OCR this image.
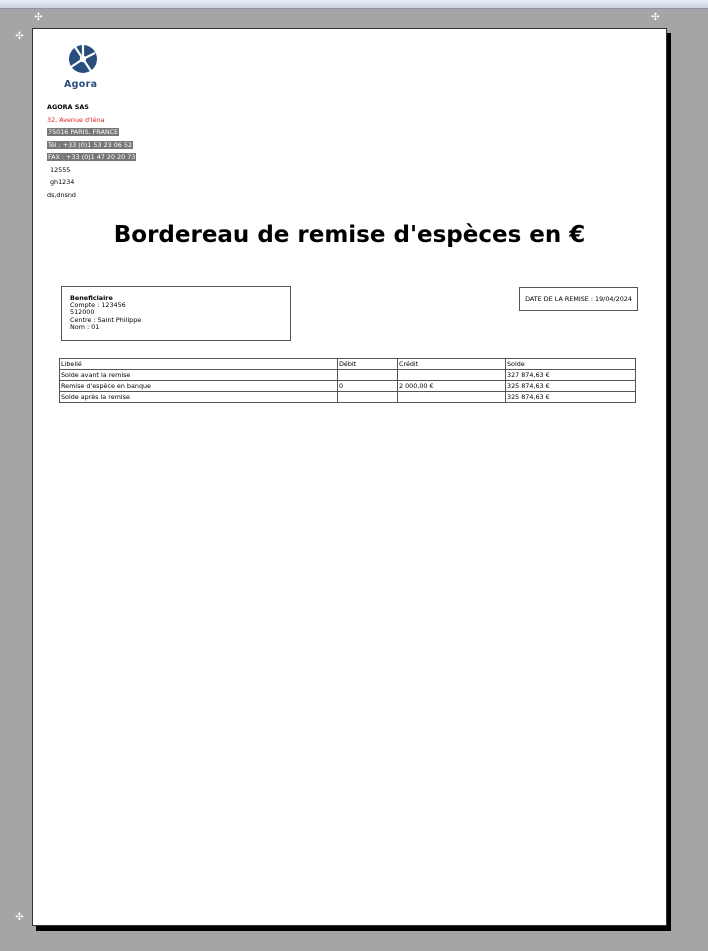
✣	✣
✣
✣
Agora
AGORA SAS
32, Avenue d'Iéna
75016 PARIS, FRANCE
Tél : +33 (0)1 53 23 06 52
FAX : +33 (0)1 47 20 20 73
12555
gh1234
ds,dnsnd
Bordereau de remise d'espèces en €
Beneficiaire
Compte : 123456
512000
Centre : Saint Philippe
Nom : 01
DATE DE LA REMISE : 19/04/2024
Libellé	Débit	Crédit	Solde
Solde avant la remise			327 874,63 €
Remise d'espèce en banque	0	2 000,00 €	325 874,63 €
Solde après la remise			325 874,63 €
